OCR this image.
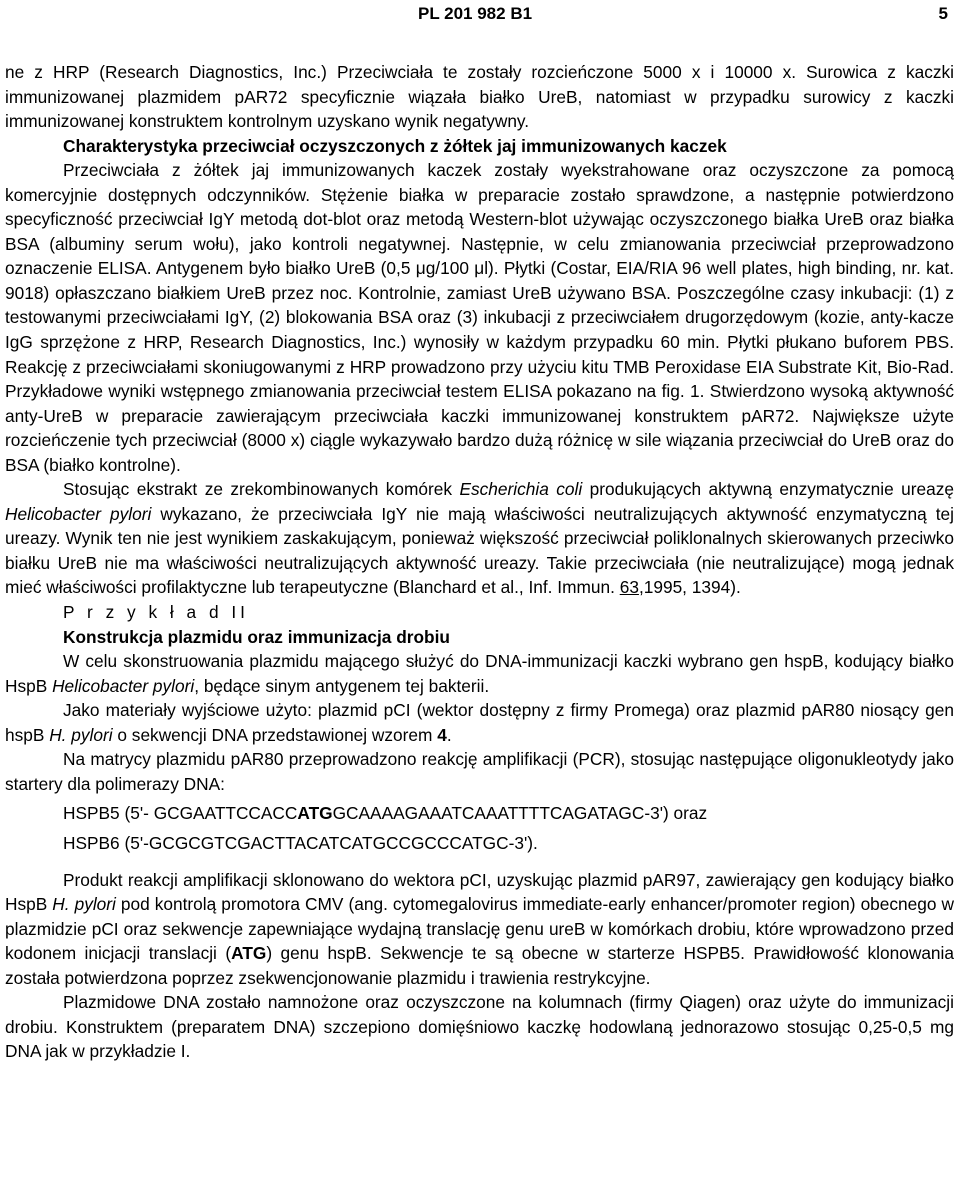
PL 201 982 B1	5

ne z HRP (Research Diagnostics, Inc.) Przeciwciała te zostały rozcieńczone 5000 x i 10000 x. Surowica z kaczki immunizowanej plazmidem pAR72 specyficznie wiązała białko UreB, natomiast w przypadku surowicy z kaczki immunizowanej konstruktem kontrolnym uzyskano wynik negatywny.

Charakterystyka przeciwciał oczyszczonych z żółtek jaj immunizowanych kaczek

Przeciwciała z żółtek jaj immunizowanych kaczek zostały wyekstrahowane oraz oczyszczone za pomocą komercyjnie dostępnych odczynników. Stężenie białka w preparacie zostało sprawdzone, a następnie potwierdzono specyficzność przeciwciał IgY metodą dot-blot oraz metodą Western-blot używając oczyszczonego białka UreB oraz białka BSA (albuminy serum wołu), jako kontroli negatywnej. Następnie, w celu zmianowania przeciwciał przeprowadzono oznaczenie ELISA. Antygenem było białko UreB (0,5 μg/100 μl). Płytki (Costar, EIA/RIA 96 well plates, high binding, nr. kat. 9018) opłaszczano białkiem UreB przez noc. Kontrolnie, zamiast UreB używano BSA. Poszczególne czasy inkubacji: (1) z testowanymi przeciwciałami IgY, (2) blokowania BSA oraz (3) inkubacji z przeciwciałem drugorzędowym (kozie, anty-kacze IgG sprzężone z HRP, Research Diagnostics, Inc.) wynosiły w każdym przypadku 60 min. Płytki płukano buforem PBS. Reakcję z przeciwciałami skoniugowanymi z HRP prowadzono przy użyciu kitu TMB Peroxidase EIA Substrate Kit, Bio-Rad. Przykładowe wyniki wstępnego zmianowania przeciwciał testem ELISA pokazano na fig. 1. Stwierdzono wysoką aktywność anty-UreB w preparacie zawierającym przeciwciała kaczki immunizowanej konstruktem pAR72. Największe użyte rozcieńczenie tych przeciwciał (8000 x) ciągle wykazywało bardzo dużą różnicę w sile wiązania przeciwciał do UreB oraz do BSA (białko kontrolne).

Stosując ekstrakt ze zrekombinowanych komórek Escherichia coli produkujących aktywną enzymatycznie ureazę Helicobacter pylori wykazano, że przeciwciała IgY nie mają właściwości neutralizujących aktywność enzymatyczną tej ureazy. Wynik ten nie jest wynikiem zaskakującym, ponieważ większość przeciwciał poliklonalnych skierowanych przeciwko białku UreB nie ma właściwości neutralizujących aktywność ureazy. Takie przeciwciała (nie neutralizujące) mogą jednak mieć właściwości profilaktyczne lub terapeutyczne (Blanchard et al., Inf. Immun. 63,1995, 1394).

P r z y k ł a d II

Konstrukcja plazmidu oraz immunizacja drobiu

W celu skonstruowania plazmidu mającego służyć do DNA-immunizacji kaczki wybrano gen hspB, kodujący białko HspB Helicobacter pylori, będące sinym antygenem tej bakterii.

Jako materiały wyjściowe użyto: plazmid pCI (wektor dostępny z firmy Promega) oraz plazmid pAR80 niosący gen hspB H. pylori o sekwencji DNA przedstawionej wzorem 4.

Na matrycy plazmidu pAR80 przeprowadzono reakcję amplifikacji (PCR), stosując następujące oligonukleotydy jako startery dla polimerazy DNA:

HSPB5 (5'- GCGAATTCCACCATGGCAAAAGAAATCAAATTTTCAGATAGC-3') oraz

HSPB6 (5'-GCGCGTCGACTTACATCATGCCGCCCATGC-3').

Produkt reakcji amplifikacji sklonowano do wektora pCI, uzyskując plazmid pAR97, zawierający gen kodujący białko HspB H. pylori pod kontrolą promotora CMV (ang. cytomegalovirus immediate-early enhancer/promoter region) obecnego w plazmidzie pCI oraz sekwencje zapewniające wydajną translację genu ureB w komórkach drobiu, które wprowadzono przed kodonem inicjacji translacji (ATG) genu hspB. Sekwencje te są obecne w starterze HSPB5. Prawidłowość klonowania została potwierdzona poprzez zsekwencjonowanie plazmidu i trawienia restrykcyjne.

Plazmidowe DNA zostało namnożone oraz oczyszczone na kolumnach (firmy Qiagen) oraz użyte do immunizacji drobiu. Konstruktem (preparatem DNA) szczepiono domięśniowo kaczkę hodowlaną jednorazowo stosując 0,25-0,5 mg DNA jak w przykładzie I.
